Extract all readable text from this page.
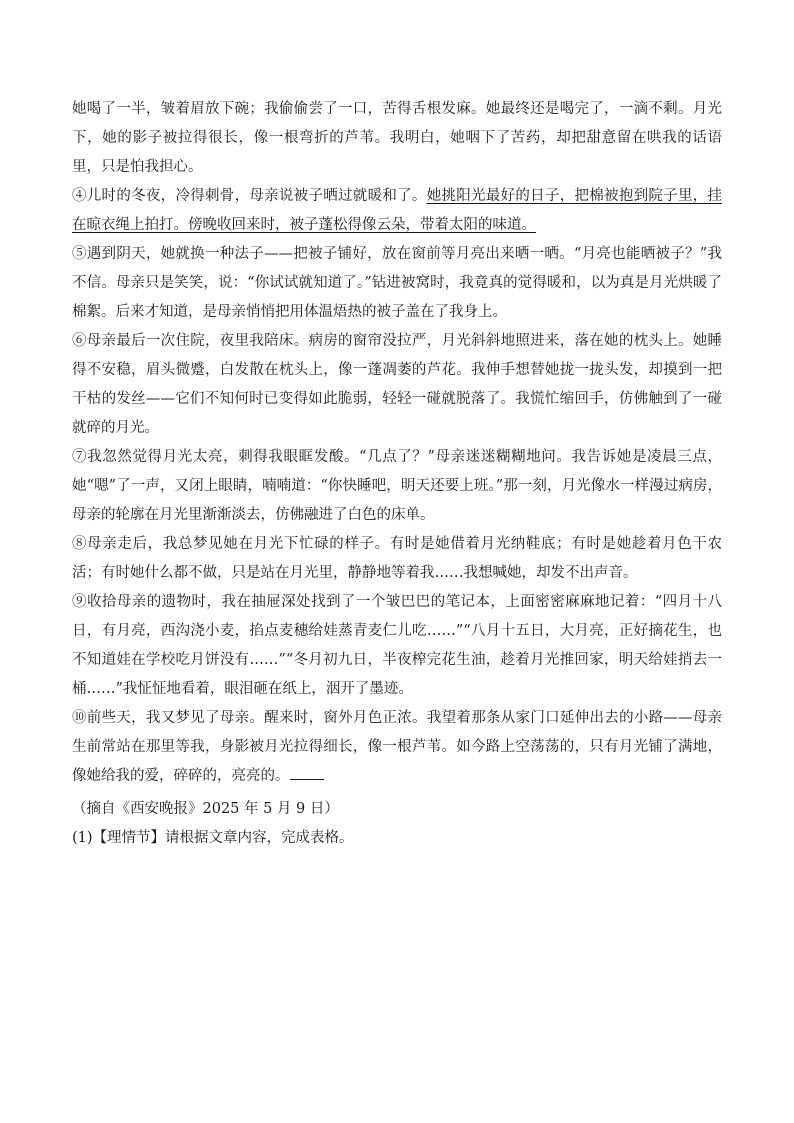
她喝了一半，皱着眉放下碗；我偷偷尝了一口，苦得舌根发麻。她最终还是喝完了，一滴不剩。月光下，她的影子被拉得很长，像一根弯折的芦苇。我明白，她咽下了苦药，却把甜意留在哄我的话语里，只是怕我担心。

④儿时的冬夜，冷得刺骨，母亲说被子晒过就暖和了。她挑阳光最好的日子，把棉被抱到院子里，挂在晾衣绳上拍打。傍晚收回来时，被子蓬松得像云朵，带着太阳的味道。

⑤遇到阴天，她就换一种法子——把被子铺好，放在窗前等月亮出来晒一晒。“月亮也能晒被子？”我不信。母亲只是笑笑，说：“你试试就知道了。”钻进被窝时，我竟真的觉得暖和，以为真是月光烘暖了棉絮。后来才知道，是母亲悄悄把用体温焐热的被子盖在了我身上。

⑥母亲最后一次住院，夜里我陪床。病房的窗帘没拉严，月光斜斜地照进来，落在她的枕头上。她睡得不安稳，眉头微蹙，白发散在枕头上，像一蓬凋萎的芦花。我伸手想替她拢一拢头发，却摸到一把干枯的发丝——它们不知何时已变得如此脆弱，轻轻一碰就脱落了。我慌忙缩回手，仿佛触到了一碰就碎的月光。

⑦我忽然觉得月光太亮，刺得我眼眶发酸。“几点了？”母亲迷迷糊糊地问。我告诉她是凌晨三点，她“嗯”了一声，又闭上眼睛，喃喃道：“你快睡吧，明天还要上班。”那一刻，月光像水一样漫过病房，母亲的轮廓在月光里渐渐淡去，仿佛融进了白色的床单。

⑧母亲走后，我总梦见她在月光下忙碌的样子。有时是她借着月光纳鞋底；有时是她趁着月色干农活；有时她什么都不做，只是站在月光里，静静地等着我……我想喊她，却发不出声音。

⑨收拾母亲的遗物时，我在抽屉深处找到了一个皱巴巴的笔记本，上面密密麻麻地记着：“四月十八日，有月亮，西沟浇小麦，掐点麦穗给娃蒸青麦仁儿吃……”“八月十五日，大月亮，正好摘花生，也不知道娃在学校吃月饼没有……”“冬月初九日，半夜榨完花生油，趁着月光推回家，明天给娃捎去一桶……”我怔怔地看着，眼泪砸在纸上，洇开了墨迹。

⑩前些天，我又梦见了母亲。醒来时，窗外月色正浓。我望着那条从家门口延伸出去的小路——母亲生前常站在那里等我，身影被月光拉得细长，像一根芦苇。如今路上空荡荡的，只有月光铺了满地，像她给我的爱，碎碎的，亮亮的。

（摘自《西安晚报》2025 年 5 月 9 日）

(1)【理情节】请根据文章内容，完成表格。
